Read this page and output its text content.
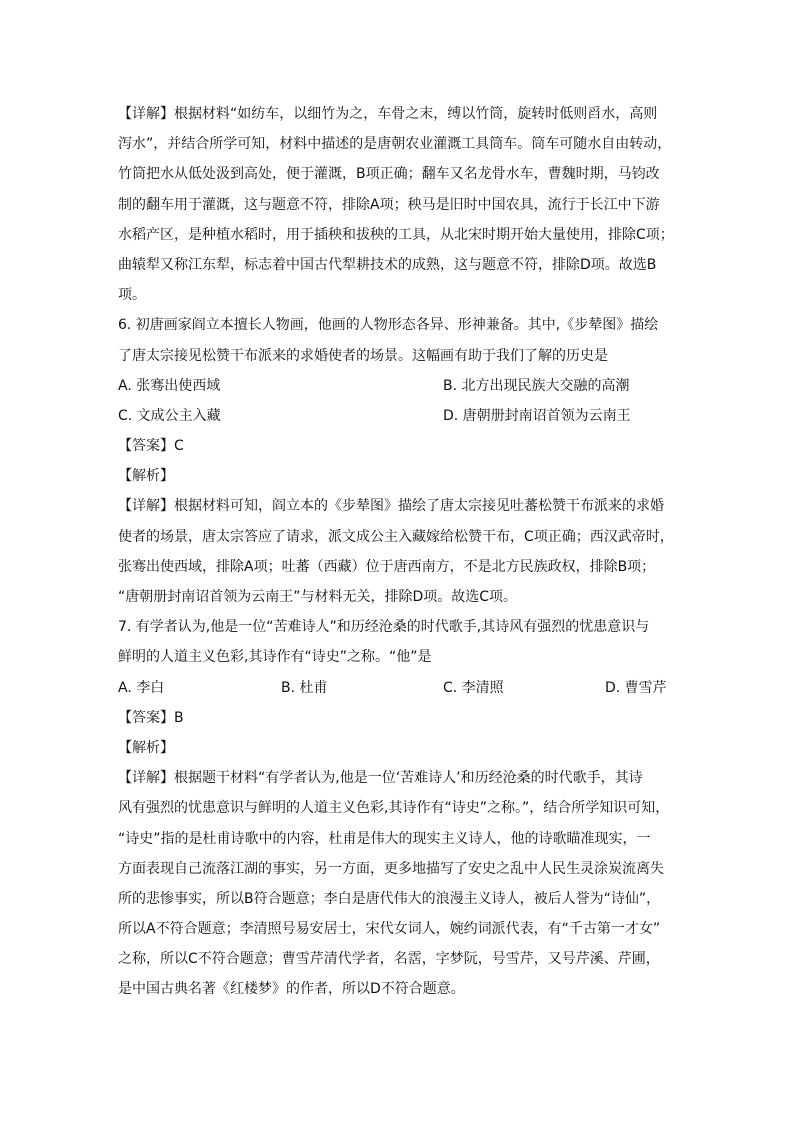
【详解】根据材料“如纺车，以细竹为之，车骨之末，缚以竹筒，旋转时低则舀水，高则
泻水”，并结合所学可知，材料中描述的是唐朝农业灌溉工具筒车。筒车可随水自由转动，
竹筒把水从低处汲到高处，便于灌溉，B项正确；翻车又名龙骨水车，曹魏时期，马钧改
制的翻车用于灌溉，这与题意不符，排除A项；秧马是旧时中国农具，流行于长江中下游
水稻产区，是种植水稻时，用于插秧和拔秧的工具，从北宋时期开始大量使用，排除C项；
曲辕犁又称江东犁，标志着中国古代犁耕技术的成熟，这与题意不符，排除D项。故选B
项。
6. 初唐画家阎立本擅长人物画，他画的人物形态各异、形神兼备。其中,《步辇图》描绘
了唐太宗接见松赞干布派来的求婚使者的场景。这幅画有助于我们了解的历史是
A. 张骞出使西域	B. 北方出现民族大交融的高潮
C. 文成公主入藏	D. 唐朝册封南诏首领为云南王
【答案】C
【解析】
【详解】根据材料可知，阎立本的《步辇图》描绘了唐太宗接见吐蕃松赞干布派来的求婚
使者的场景，唐太宗答应了请求，派文成公主入藏嫁给松赞干布，C项正确；西汉武帝时，
张骞出使西域，排除A项；吐蕃（西藏）位于唐西南方，不是北方民族政权，排除B项；
“唐朝册封南诏首领为云南王”与材料无关，排除D项。故选C项。
7. 有学者认为,他是一位“苦难诗人”和历经沧桑的时代歌手,其诗风有强烈的忧患意识与
鲜明的人道主义色彩,其诗作有“诗史”之称。“他”是
A. 李白	B. 杜甫	C. 李清照	D. 曹雪芹
【答案】B
【解析】
【详解】根据题干材料“有学者认为,他是一位‘苦难诗人’和历经沧桑的时代歌手，其诗
风有强烈的忧患意识与鲜明的人道主义色彩,其诗作有“诗史”之称。”，结合所学知识可知，
“诗史”指的是杜甫诗歌中的内容，杜甫是伟大的现实主义诗人，他的诗歌瞄准现实，一
方面表现自己流落江湖的事实，另一方面，更多地描写了安史之乱中人民生灵涂炭流离失
所的悲惨事实，所以B符合题意；李白是唐代伟大的浪漫主义诗人，被后人誉为“诗仙”，
所以A不符合题意；李清照号易安居士，宋代女词人，婉约词派代表，有“千古第一才女”
之称，所以C不符合题意；曹雪芹清代学者，名霑，字梦阮，号雪芹，又号芹溪、芹圃，
是中国古典名著《红楼梦》的作者，所以D不符合题意。
